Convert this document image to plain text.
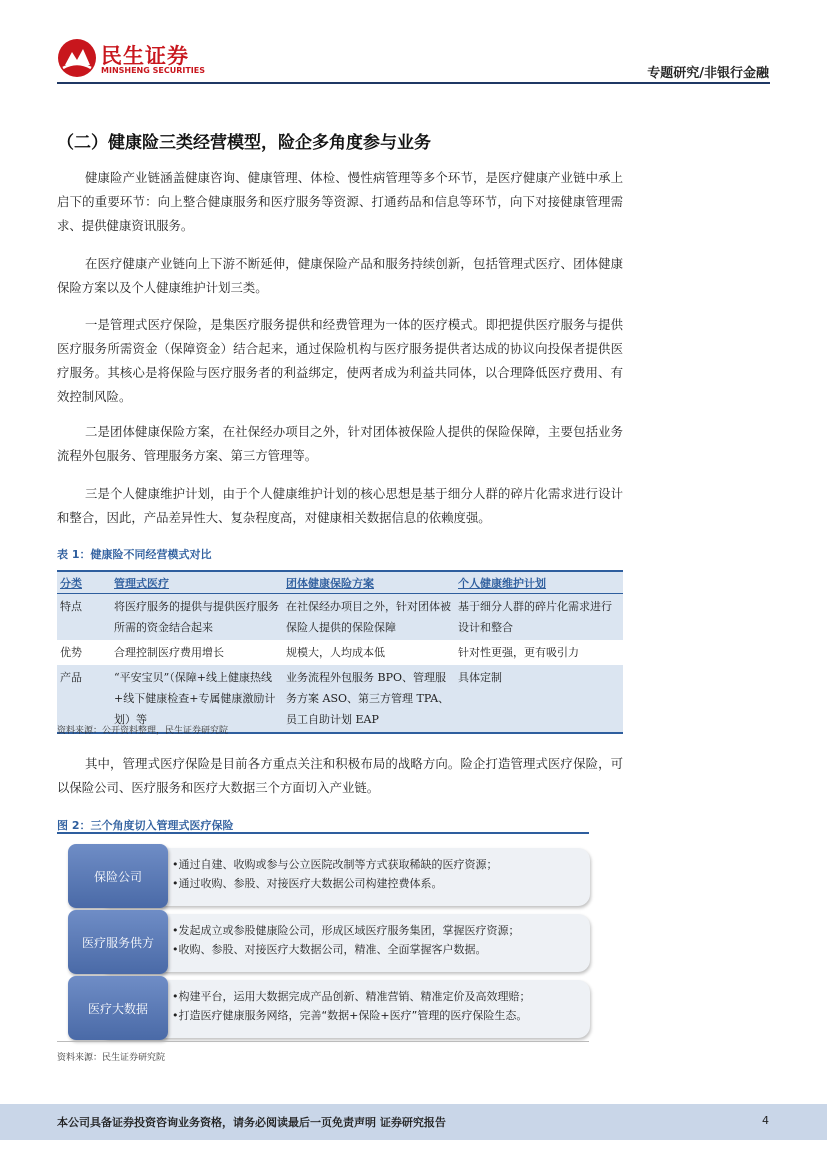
民生证券
MINSHENG SECURITIES	专题研究/非银行金融
（二）健康险三类经营模型，险企多角度参与业务

健康险产业链涵盖健康咨询、健康管理、体检、慢性病管理等多个环节，是医疗健康产业链中承上启下的重要环节：向上整合健康服务和医疗服务等资源、打通药品和信息等环节，向下对接健康管理需求、提供健康资讯服务。

在医疗健康产业链向上下游不断延伸，健康保险产品和服务持续创新，包括管理式医疗、团体健康保险方案以及个人健康维护计划三类。

一是管理式医疗保险，是集医疗服务提供和经费管理为一体的医疗模式。即把提供医疗服务与提供医疗服务所需资金（保障资金）结合起来，通过保险机构与医疗服务提供者达成的协议向投保者提供医疗服务。其核心是将保险与医疗服务者的利益绑定，使两者成为利益共同体，以合理降低医疗费用、有效控制风险。

二是团体健康保险方案，在社保经办项目之外，针对团体被保险人提供的保险保障，主要包括业务流程外包服务、管理服务方案、第三方管理等。

三是个人健康维护计划，由于个人健康维护计划的核心思想是基于细分人群的碎片化需求进行设计和整合，因此，产品差异性大、复杂程度高，对健康相关数据信息的依赖度强。

表 1：健康险不同经营模式对比
分类	管理式医疗	团体健康保险方案	个人健康维护计划
特点	将医疗服务的提供与提供医疗服务所需的资金结合起来	在社保经办项目之外，针对团体被保险人提供的保险保障	基于细分人群的碎片化需求进行设计和整合
优势	合理控制医疗费用增长	规模大，人均成本低	针对性更强，更有吸引力
产品	“平安宝贝”（保障+线上健康热线+线下健康检查+专属健康激励计划）等	业务流程外包服务 BPO、管理服务方案 ASO、第三方管理 TPA、员工自助计划 EAP	具体定制
资料来源：公开资料整理，民生证券研究院

其中，管理式医疗保险是目前各方重点关注和积极布局的战略方向。险企打造管理式医疗保险，可以保险公司、医疗服务和医疗大数据三个方面切入产业链。

图 2：三个角度切入管理式医疗保险
保险公司
•通过自建、收购或参与公立医院改制等方式获取稀缺的医疗资源；
•通过收购、参股、对接医疗大数据公司构建控费体系。
医疗服务供方
•发起成立或参股健康险公司，形成区域医疗服务集团，掌握医疗资源；
•收购、参股、对接医疗大数据公司，精准、全面掌握客户数据。
医疗大数据
•构建平台，运用大数据完成产品创新、精准营销、精准定价及高效理赔；
•打造医疗健康服务网络，完善“数据+保险+医疗”管理的医疗保险生态。
资料来源：民生证券研究院
本公司具备证券投资咨询业务资格，请务必阅读最后一页免责声明 证券研究报告	4
